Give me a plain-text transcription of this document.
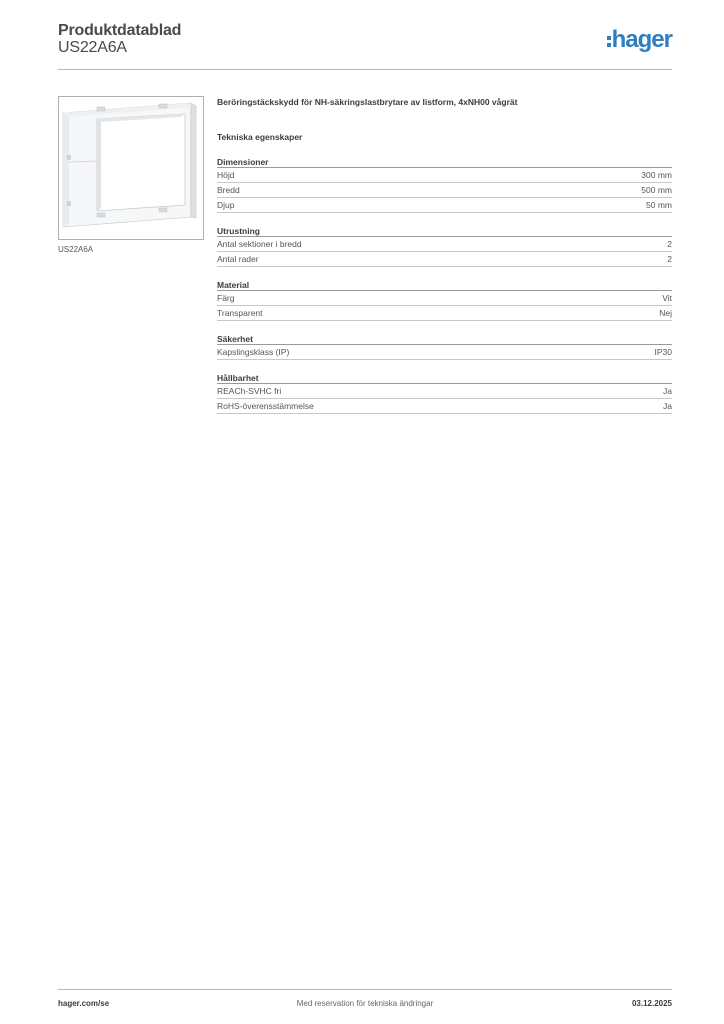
Produktdatablad
US22A6A	hager
US22A6A
Beröringstäckskydd för NH-säkringslastbrytare av listform, 4xNH00 vågrät
Tekniska egenskaper
Dimensioner
Höjd	300 mm
Bredd	500 mm
Djup	50 mm
Utrustning
Antal sektioner i bredd	2
Antal rader	2
Material
Färg	Vit
Transparent	Nej
Säkerhet
Kapslingsklass (IP)	IP30
Hållbarhet
REACh-SVHC fri	Ja
RoHS-överensstämmelse	Ja
hager.com/se	Med reservation för tekniska ändringar	03.12.2025
